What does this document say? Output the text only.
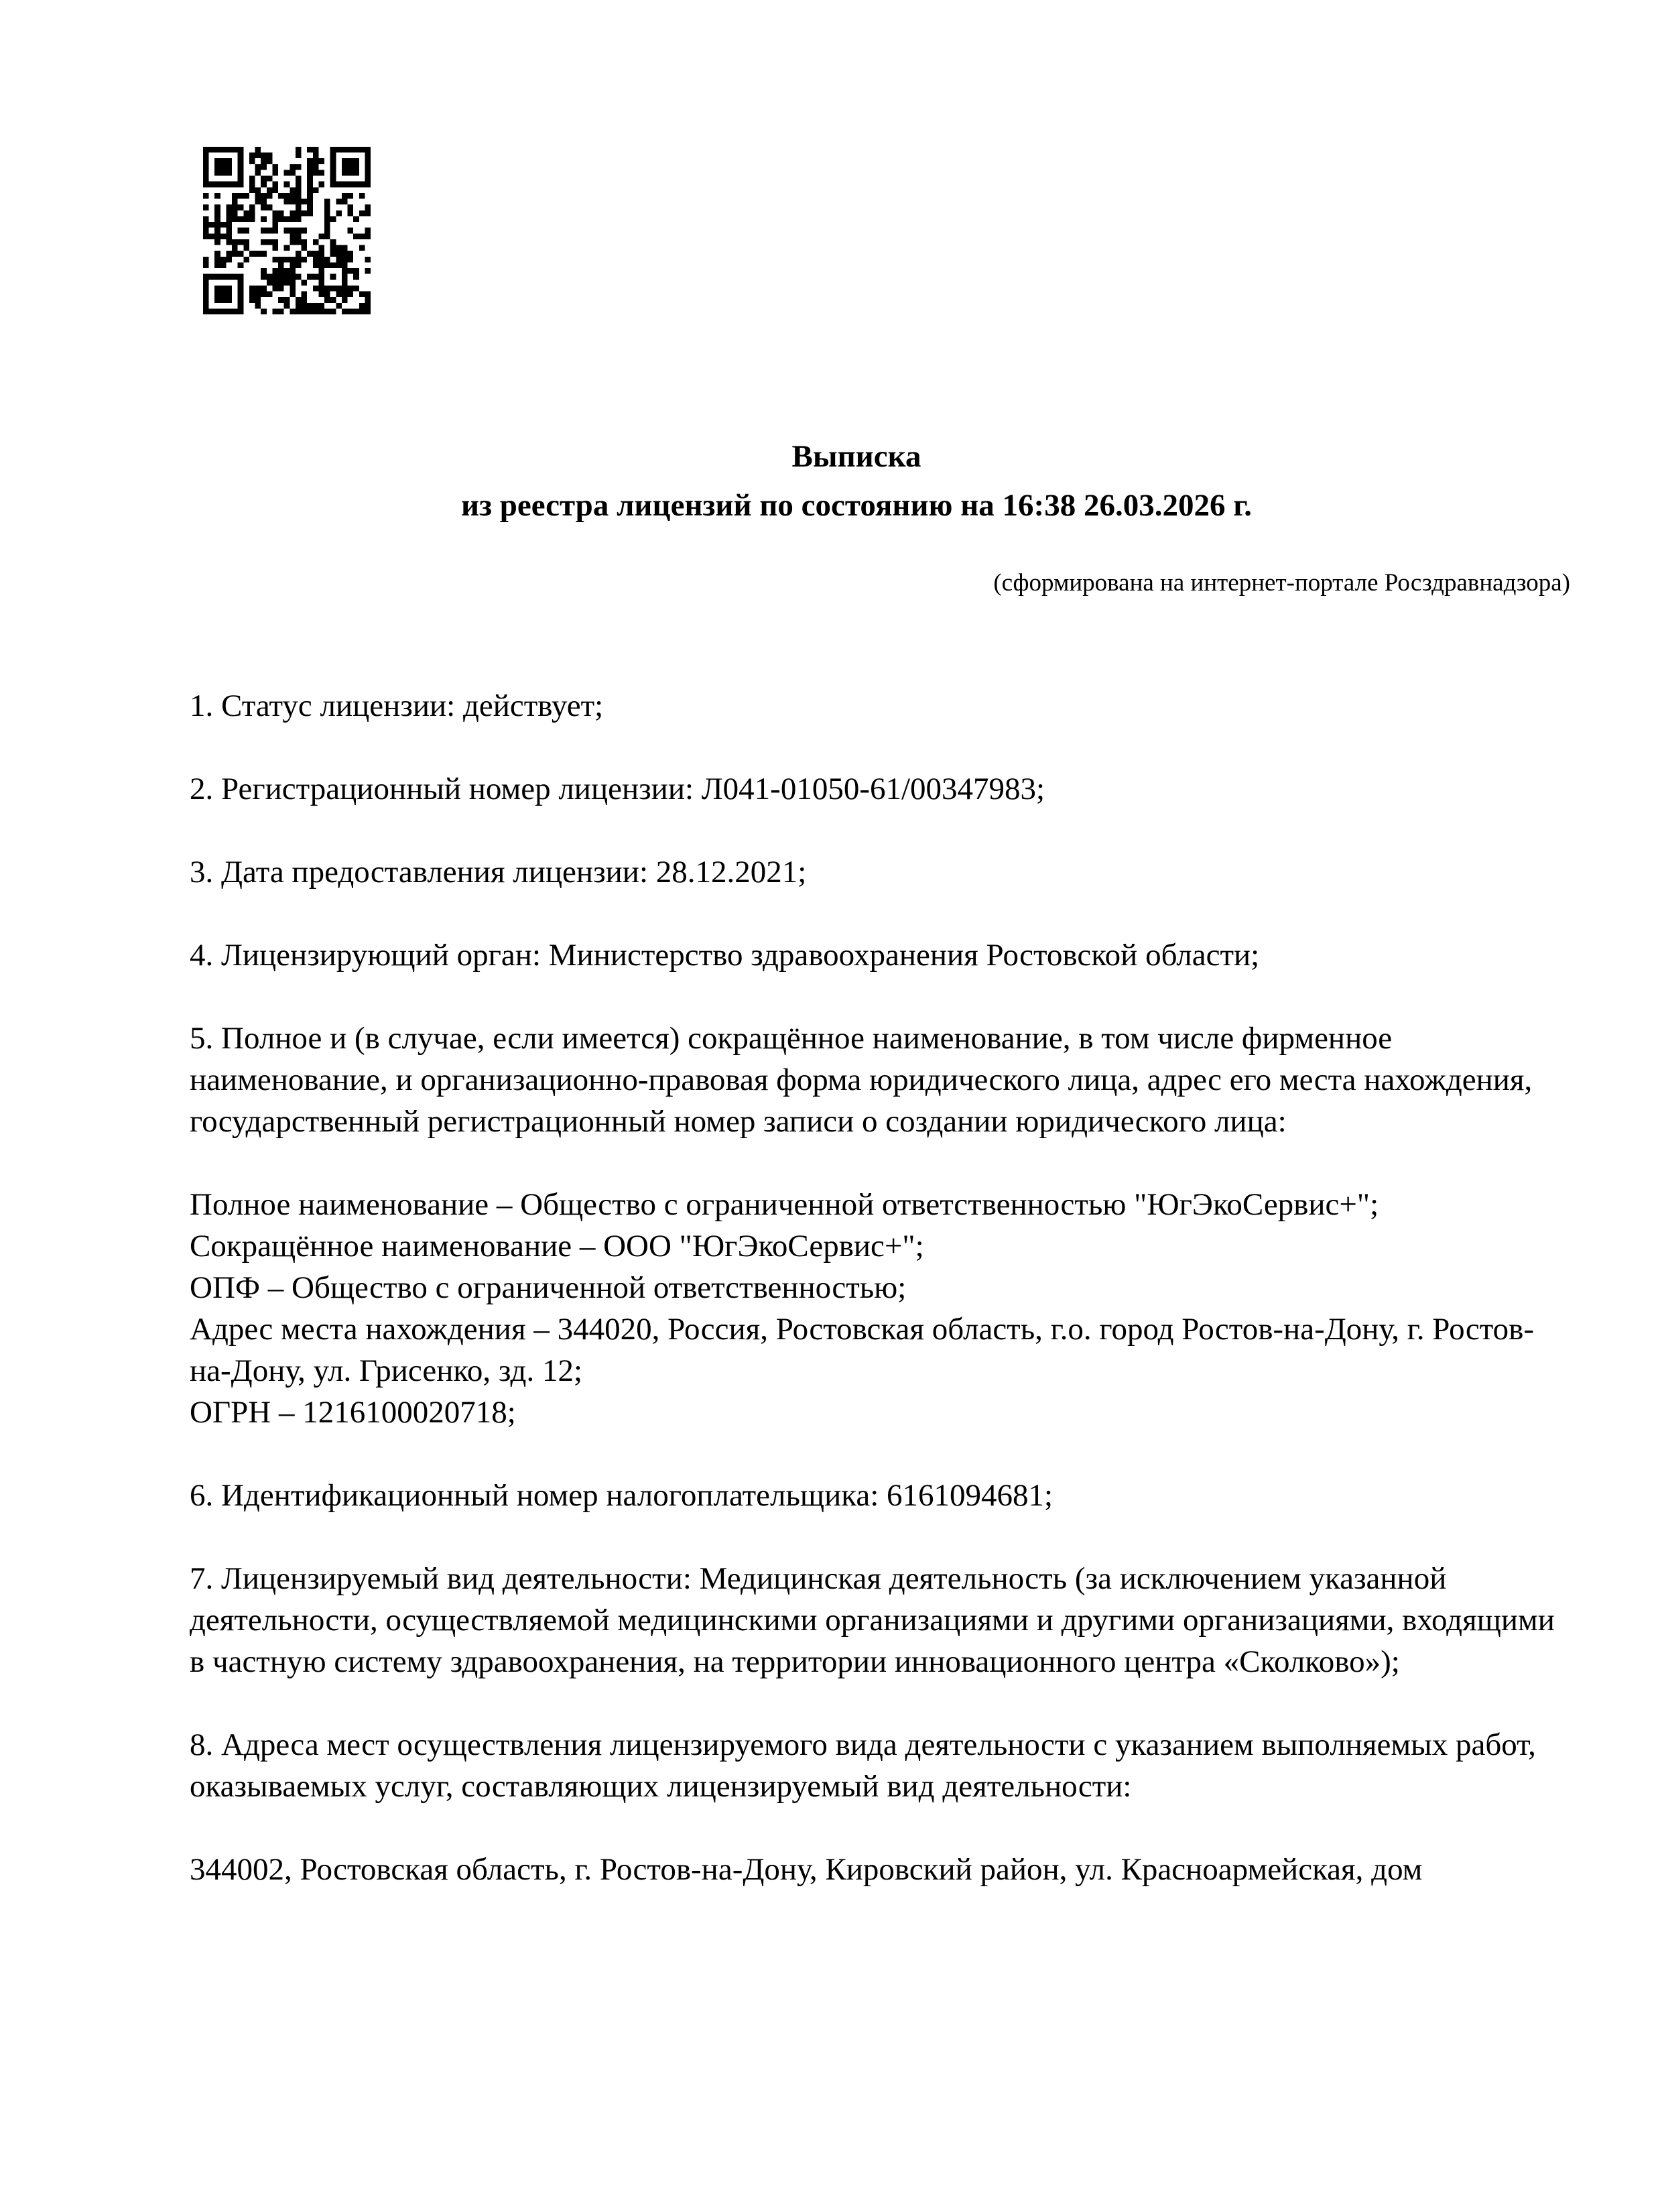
Выписка
из реестра лицензий по состоянию на 16:38 26.03.2026 г.
(сформирована на интернет-портале Росздравнадзора)
1. Статус лицензии: действует;
2. Регистрационный номер лицензии: Л041-01050-61/00347983;
3. Дата предоставления лицензии: 28.12.2021;
4. Лицензирующий орган: Министерство здравоохранения Ростовской области;
5. Полное и (в случае, если имеется) сокращённое наименование, в том числе фирменное наименование, и организационно-правовая форма юридического лица, адрес его места нахождения, государственный регистрационный номер записи о создании юридического лица:
Полное наименование – Общество с ограниченной ответственностью "ЮгЭкоСервис+";
Сокращённое наименование – ООО "ЮгЭкоСервис+";
ОПФ – Общество с ограниченной ответственностью;
Адрес места нахождения – 344020, Россия, Ростовская область, г.о. город Ростов-на-Дону, г. Ростов-на-Дону, ул. Грисенко, зд. 12;
ОГРН – 1216100020718;
6. Идентификационный номер налогоплательщика: 6161094681;
7. Лицензируемый вид деятельности: Медицинская деятельность (за исключением указанной деятельности, осуществляемой медицинскими организациями и другими организациями, входящими в частную систему здравоохранения, на территории инновационного центра «Сколково»);
8. Адреса мест осуществления лицензируемого вида деятельности с указанием выполняемых работ, оказываемых услуг, составляющих лицензируемый вид деятельности:
344002, Ростовская область, г. Ростов-на-Дону, Кировский район, ул. Красноармейская, дом
